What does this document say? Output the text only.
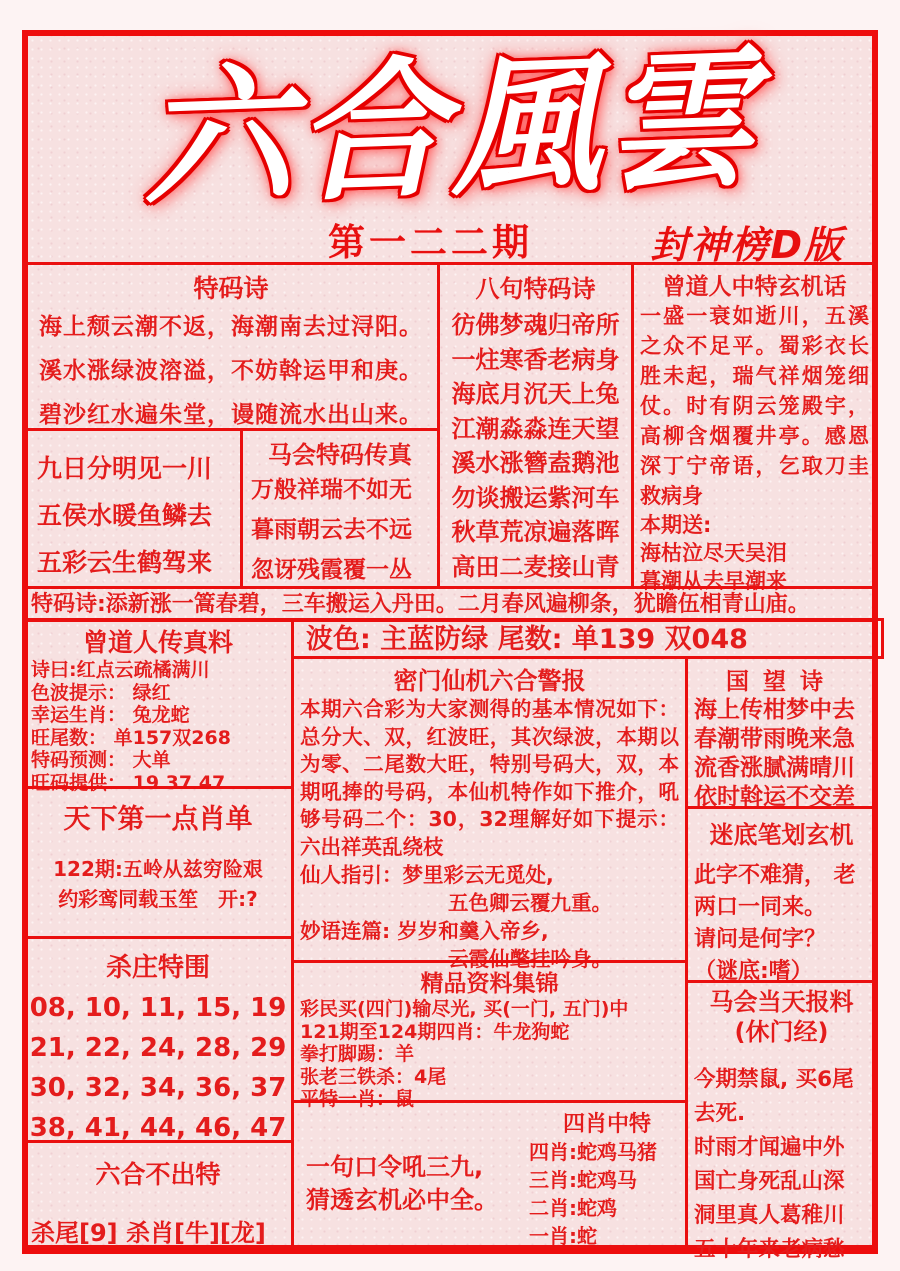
六合風雲
第一二二期	封神榜D版
特码诗
海上颓云潮不返，海潮南去过浔阳。
溪水涨绿波溶溢，不妨斡运甲和庚。
碧沙红水遍朱堂，谩随流水出山来。
八句特码诗
彷佛梦魂归帝所
一炷寒香老病身
海底月沉天上兔
江潮淼淼连天望
溪水涨簪盍鹅池
勿谈搬运紫河车
秋草荒凉遍落晖
高田二麦接山青
曾道人中特玄机话
一盛一衰如逝川，五溪之众不足平。蜀彩衣长胜未起，瑞气祥烟笼细仗。时有阴云笼殿宇，高柳含烟覆井亭。感恩深丁宁帝语，乞取刀圭救病身
本期送:
海枯泣尽天吴泪
暮潮从去早潮来
九日分明见一川
五侯水暖鱼鳞去
五彩云生鹤驾来
马会特码传真
万般祥瑞不如无
暮雨朝云去不远
忽讶残霞覆一丛
特码诗:添新涨一篙春碧，三车搬运入丹田。二月春风遍柳条，犹瞻伍相青山庙。
曾道人传真料
诗曰:红点云疏橘满川
色波提示： 绿红
幸运生肖： 兔龙蛇
旺尾数： 单157双268
特码预测： 大单
旺码提供： 19 37 47
天下第一点肖单
122期:五岭从兹穷险艰
约彩鸾同载玉笙　开:?
杀庄特围
08, 10, 11, 15, 19
21, 22, 24, 28, 29
30, 32, 34, 36, 37
38, 41, 44, 46, 47
六合不出特
杀尾[9] 杀肖[牛][龙]
波色: 主蓝防绿 尾数: 单139 双048
密门仙机六合警报
本期六合彩为大家测得的基本情况如下：总分大、双，红波旺，其次绿波，本期以为零、二尾数大旺，特别号码大，双，本期吼捧的号码，本仙机特作如下推介，吼够号码二个：30，32理解好如下提示：六出祥英乱绕枝
仙人指引：梦里彩云无觅处,
五色卿云覆九重。
妙语连篇: 岁岁和羹入帝乡,
云霞仙氅挂吟身。
精品资料集锦
彩民买(四门)输尽光, 买(一门, 五门)中
121期至124期四肖：牛龙狗蛇
拳打脚踢：羊
张老三铁杀：4尾
平特一肖：鼠
一句口令吼三九,
猜透玄机必中全。
四肖中特
四肖:蛇鸡马猪
三肖:蛇鸡马
二肖:蛇鸡
一肖:蛇
国望诗
海上传柑梦中去
春潮带雨晚来急
流香涨腻满晴川
依时斡运不交差
迷底笔划玄机
此字不难猜， 老
两口一同来。
请问是何字？
（谜底:嗜）
马会当天报料
(休门经)
今期禁鼠, 买6尾
去死.
时雨才闻遍中外
国亡身死乱山深
洞里真人葛稚川
五十年来老病愁
